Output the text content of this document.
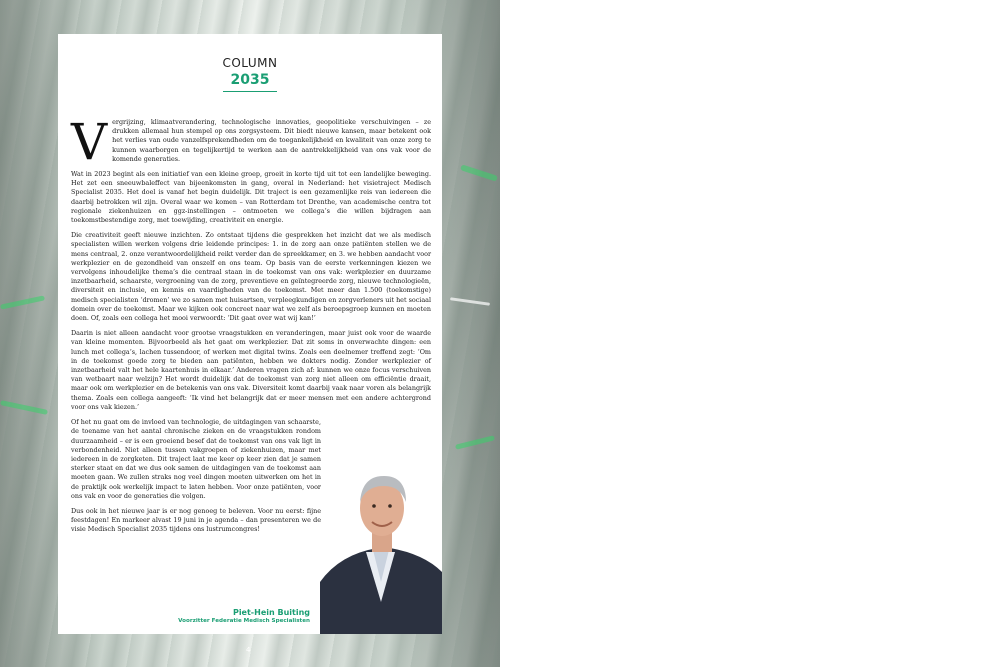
COLUMN
2035

Vergrijzing, klimaatverandering, technologische innovaties, geopolitieke verschuivingen – ze drukken allemaal hun stempel op ons zorgsysteem. Dit biedt nieuwe kansen, maar betekent ook het verlies van oude vanzelfsprekendheden om de toegankelijkheid en kwaliteit van onze zorg te kunnen waarborgen en tegelijkertijd te werken aan de aantrekkelijkheid van ons vak voor de komende generaties.

Wat in 2023 begint als een initiatief van een kleine groep, groeit in korte tijd uit tot een landelijke beweging. Het zet een sneeuwbaleffect van bijeenkomsten in gang, overal in Nederland: het visietraject Medisch Specialist 2035. Het doel is vanaf het begin duidelijk. Dit traject is een gezamenlijke reis van iedereen die daarbij betrokken wil zijn. Overal waar we komen – van Rotterdam tot Drenthe, van academische centra tot regionale ziekenhuizen en ggz-instellingen – ontmoeten we collega’s die willen bijdragen aan toekomstbestendige zorg, met toewijding, creativiteit en energie.

Die creativiteit geeft nieuwe inzichten. Zo ontstaat tijdens die gesprekken het inzicht dat we als medisch specialisten willen werken volgens drie leidende principes: 1. in de zorg aan onze patiënten stellen we de mens centraal, 2. onze verantwoordelijkheid reikt verder dan de spreekkamer, en 3. we hebben aandacht voor werkplezier en de gezondheid van onszelf en ons team. Op basis van de eerste verkenningen kiezen we vervolgens inhoudelijke thema’s die centraal staan in de toekomst van ons vak: werkplezier en duurzame inzetbaarheid, schaarste, vergroening van de zorg, preventieve en geïntegreerde zorg, nieuwe technologieën, diversiteit en inclusie, en kennis en vaardigheden van de toekomst. Met meer dan 1.500 (toekomstige) medisch specialisten ‘dromen’ we zo samen met huisartsen, verpleegkundigen en zorgverleners uit het sociaal domein over de toekomst. Maar we kijken ook concreet naar wat we zelf als beroepsgroep kunnen en moeten doen. Of, zoals een collega het mooi verwoordt: ‘Dit gaat over wat wij kan!’

Daarin is niet alleen aandacht voor grootse vraagstukken en veranderingen, maar juist ook voor de waarde van kleine momenten. Bijvoorbeeld als het gaat om werkplezier. Dat zit soms in onverwachte dingen: een lunch met collega’s, lachen tussendoor, of werken met digital twins. Zoals een deelnemer treffend zegt: ‘Om in de toekomst goede zorg te bieden aan patiënten, hebben we dokters nodig. Zonder werkplezier of inzetbaarheid valt het hele kaartenhuis in elkaar.’ Anderen vragen zich af: kunnen we onze focus verschuiven van wetbaart naar welzijn? Het wordt duidelijk dat de toekomst van zorg niet alleen om efficiëntie draait, maar ook om werkplezier en de betekenis van ons vak. Diversiteit komt daarbij vaak naar voren als belangrijk thema. Zoals een collega aangeeft: ‘Ik vind het belangrijk dat er meer mensen met een andere achtergrond voor ons vak kiezen.’

Of het nu gaat om de invloed van technologie, de uitdagingen van schaarste, de toename van het aantal chronische zieken en de vraagstukken rondom duurzaamheid – er is een groeiend besef dat de toekomst van ons vak ligt in verbondenheid. Niet alleen tussen vakgroepen of ziekenhuizen, maar met iedereen in de zorgketen. Dit traject laat me keer op keer zien dat je samen sterker staat en dat we dus ook samen de uitdagingen van de toekomst aan moeten gaan. We zullen straks nog veel dingen moeten uitwerken om het in de praktijk ook werkelijk impact te laten hebben. Voor onze patiënten, voor ons vak en voor de generaties die volgen.

Dus ook in het nieuwe jaar is er nog genoeg te beleven. Voor nu eerst: fijne feestdagen! En markeer alvast 19 juni in je agenda – dan presenteren we de visie Medisch Specialist 2035 tijdens ons lustrumcongres!

Piet-Hein Buiting
Voorzitter Federatie Medisch Specialisten
4
